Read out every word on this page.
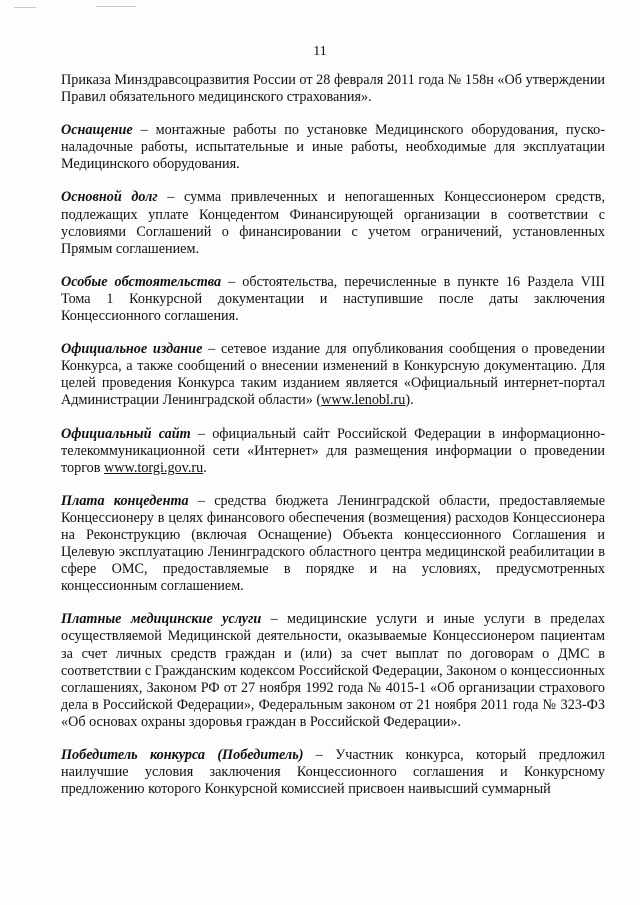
11

Приказа Минздравсоцразвития России от 28 февраля 2011 года № 158н «Об утверждении Правил обязательного медицинского страхования».

Оснащение – монтажные работы по установке Медицинского оборудования, пуско-наладочные работы, испытательные и иные работы, необходимые для эксплуатации Медицинского оборудования.

Основной долг – сумма привлеченных и непогашенных Концессионером средств, подлежащих уплате Концедентом Финансирующей организации в соответствии с условиями Соглашений о финансировании с учетом ограничений, установленных Прямым соглашением.

Особые обстоятельства – обстоятельства, перечисленные в пункте 16 Раздела VIII Тома 1 Конкурсной документации и наступившие после даты заключения Концессионного соглашения.

Официальное издание – сетевое издание для опубликования сообщения о проведении Конкурса, а также сообщений о внесении изменений в Конкурсную документацию. Для целей проведения Конкурса таким изданием является «Официальный интернет-портал Администрации Ленинградской области» (www.lenobl.ru).

Официальный сайт – официальный сайт Российской Федерации в информационно-телекоммуникационной сети «Интернет» для размещения информации о проведении торгов www.torgi.gov.ru.

Плата концедента – средства бюджета Ленинградской области, предоставляемые Концессионеру в целях финансового обеспечения (возмещения) расходов Концессионера на Реконструкцию (включая Оснащение) Объекта концессионного Соглашения и Целевую эксплуатацию Ленинградского областного центра медицинской реабилитации в сфере ОМС, предоставляемые в порядке и на условиях, предусмотренных концессионным соглашением.

Платные медицинские услуги – медицинские услуги и иные услуги в пределах осуществляемой Медицинской деятельности, оказываемые Концессионером пациентам за счет личных средств граждан и (или) за счет выплат по договорам о ДМС в соответствии с Гражданским кодексом Российской Федерации, Законом о концессионных соглашениях, Законом РФ от 27 ноября 1992 года № 4015-1 «Об организации страхового дела в Российской Федерации», Федеральным законом от 21 ноября 2011 года № 323-ФЗ «Об основах охраны здоровья граждан в Российской Федерации».

Победитель конкурса (Победитель) – Участник конкурса, который предложил наилучшие условия заключения Концессионного соглашения и Конкурсному предложению которого Конкурсной комиссией присвоен наивысший суммарный
